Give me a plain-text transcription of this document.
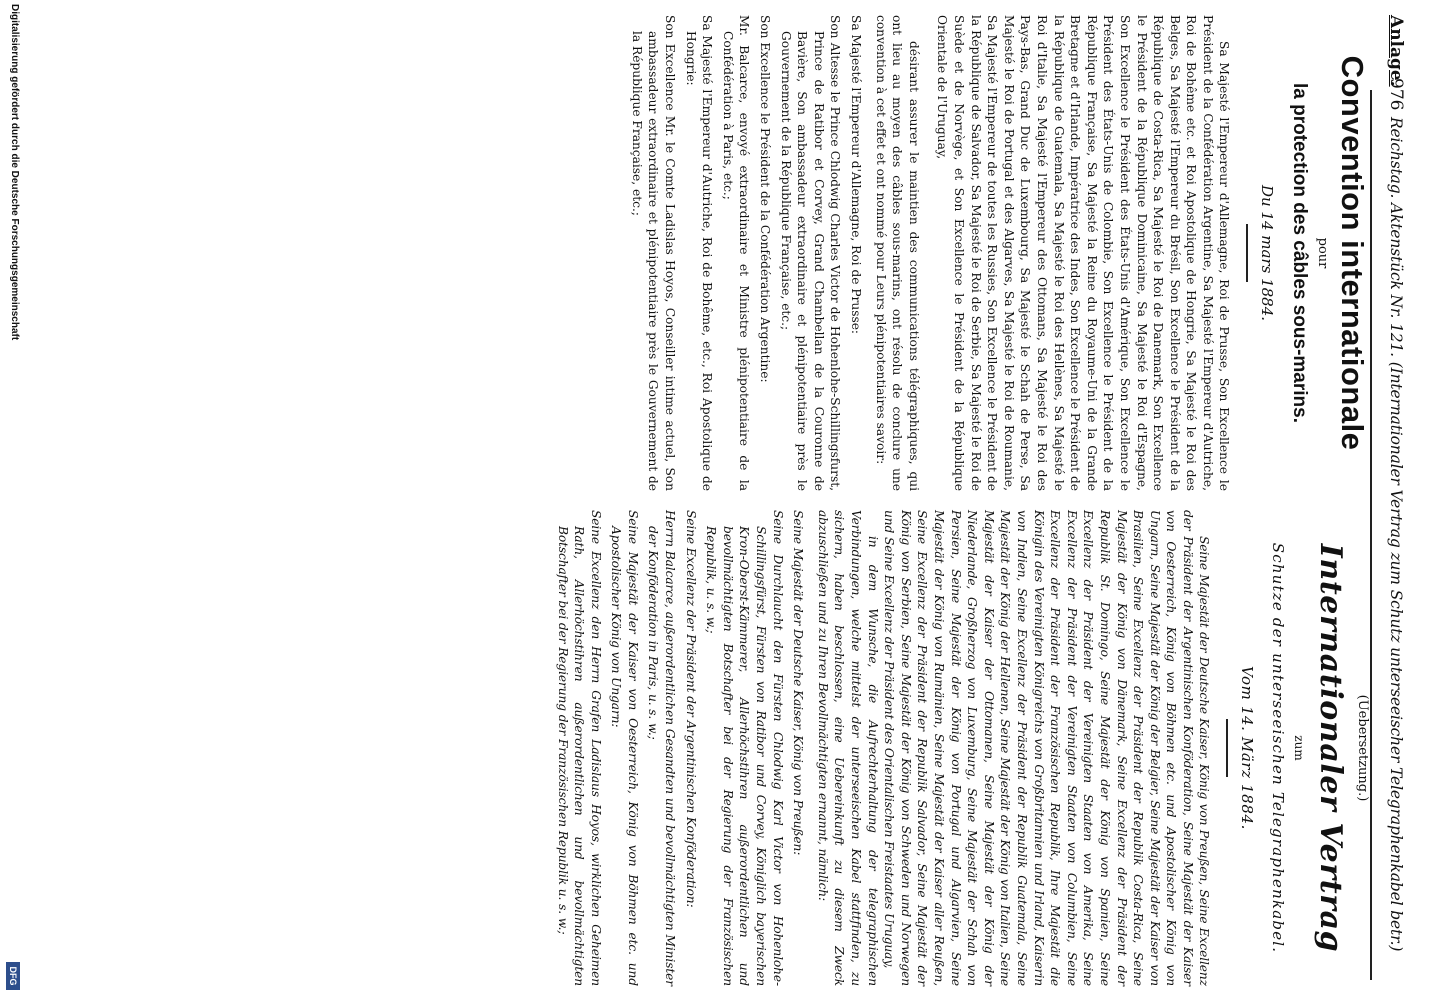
Anlage.
976
Reichstag. Aktenstück Nr. 121. (Internationaler Vertrag zum Schutz unterseeischer Telegraphenkabel betr.)
Convention internationale
pour
la protection des câbles sous-marins.
Du 14 mars 1884.

Sa Majesté l'Empereur d'Allemagne, Roi de Prusse, Son Excellence le Président de la Confédération Argentine, Sa Majesté l'Empereur d'Autriche, Roi de Bohême etc. et Roi Apostolique de Hongrie, Sa Majesté le Roi des Belges, Sa Majesté l'Empereur du Brésil, Son Excellence le Président de la République de Costa-Rica, Sa Majesté le Roi de Danemark, Son Excellence le Président de la République Dominicaine, Sa Majesté le Roi d'Espagne, Son Excellence le Président des États-Unis d'Amérique, Son Excellence le Président des États-Unis de Colombie, Son Excellence le Président de la République Française, Sa Majesté la Reine du Royaume-Uni de la Grande Bretagne et d'Irlande, Impératrice des Indes, Son Excellence le Président de la République de Guatemala, Sa Majesté le Roi des Hellènes, Sa Majesté le Roi d'Italie, Sa Majesté l'Empereur des Ottomans, Sa Majesté le Roi des Pays-Bas, Grand Duc de Luxembourg, Sa Majesté le Schah de Perse, Sa Majesté le Roi de Portugal et des Algarves, Sa Majesté le Roi de Roumanie, Sa Majesté l'Empereur de toutes les Russies, Son Excellence le Président de la République de Salvador, Sa Majesté le Roi de Serbie, Sa Majesté le Roi de Suède et de Norvège, et Son Excellence le Président de la République Orientale de l'Uruguay,

désirant assurer le maintien des communications télégraphiques, qui ont lieu au moyen des câbles sous-marins, ont résolu de conclure une convention à cet effet et ont nommé pour Leurs plénipotentiaires savoir:

Sa Majesté l'Empereur d'Allemagne, Roi de Prusse:

Son Altesse le Prince Chlodwig Charles Victor de Hohenlohe-Schillingsfurst, Prince de Ratibor et Corvey, Grand Chambellan de la Couronne de Bavière, Son ambassadeur extraordinaire et plénipotentiaire près le Gouvernement de la République Française, etc.;

Son Excellence le Président de la Confédération Argentine:

Mr. Balcarce, envoyé extraordinaire et Ministre plénipotentiaire de la Confédération à Paris, etc.;

Sa Majesté l'Empereur d'Autriche, Roi de Bohême, etc., Roi Apostolique de Hongrie:

Son Excellence Mr. le Comte Ladislas Hoyos, Conseiller intime actuel, Son ambassadeur extraordinaire et plénipotentiaire près le Gouvernement de la République Française, etc.;

(Uebersetzung.)
Internationaler Vertrag
zum
Schutze der unterseeischen Telegraphenkabel.
Vom 14. März 1884.

Seine Majestät der Deutsche Kaiser, König von Preußen, Seine Excellenz der Präsident der Argentinischen Konföderation, Seine Majestät der Kaiser von Oesterreich, König von Böhmen etc. und Apostolischer König von Ungarn, Seine Majestät der König der Belgier, Seine Majestät der Kaiser von Brasilien, Seine Excellenz der Präsident der Republik Costa-Rica, Seine Majestät der König von Dänemark, Seine Excellenz der Präsident der Republik St. Domingo, Seine Majestät der König von Spanien, Seine Excellenz der Präsident der Vereinigten Staaten von Amerika, Seine Excellenz der Präsident der Vereinigten Staaten von Columbien, Seine Excellenz der Präsident der Französischen Republik, Ihre Majestät die Königin des Vereinigten Königreichs von Großbritannien und Irland, Kaiserin von Indien, Seine Excellenz der Präsident der Republik Guatemala, Seine Majestät der König der Hellenen, Seine Majestät der König von Italien, Seine Majestät der Kaiser der Ottomanen, Seine Majestät der König der Niederlande, Großherzog von Luxemburg, Seine Majestät der Schah von Persien, Seine Majestät der König von Portugal und Algarvien, Seine Majestät der König von Rumänien, Seine Majestät der Kaiser aller Reußen, Seine Excellenz der Präsident der Republik Salvador, Seine Majestät der König von Serbien, Seine Majestät der König von Schweden und Norwegen und Seine Excellenz der Präsident des Orientalischen Freistaates Uruguay,

in dem Wunsche, die Aufrechterhaltung der telegraphischen Verbindungen, welche mittelst der unterseeischen Kabel stattfinden, zu sichern, haben beschlossen, eine Uebereinkunft zu diesem Zweck abzuschließen und zu Ihren Bevollmächtigten ernannt, nämlich:

Seine Majestät der Deutsche Kaiser, König von Preußen:

Seine Durchlaucht den Fürsten Chlodwig Karl Victor von Hohenlohe-Schillingsfürst, Fürsten von Ratibor und Corvey, Königlich bayerischen Kron-Oberst-Kämmerer, Allerhöchstihren außerordentlichen und bevollmächtigten Botschafter bei der Regierung der Französischen Republik, u. s. w.;

Seine Excellenz der Präsident der Argentinischen Konföderation:

Herrn Balcarce, außerordentlichen Gesandten und bevollmächtigten Minister der Konföderation in Paris, u. s. w.;

Seine Majestät der Kaiser von Oesterreich, König von Böhmen etc. und Apostolischer König von Ungarn:

Seine Excellenz den Herrn Grafen Ladislaus Hoyos, wirklichen Geheimen Rath, Allerhöchstihren außerordentlichen und bevollmächtigten Botschafter bei der Regierung der Französischen Republik u. s. w.;

Digitalisierung gefördert durch die Deutsche Forschungsgemeinschaft
DFG
